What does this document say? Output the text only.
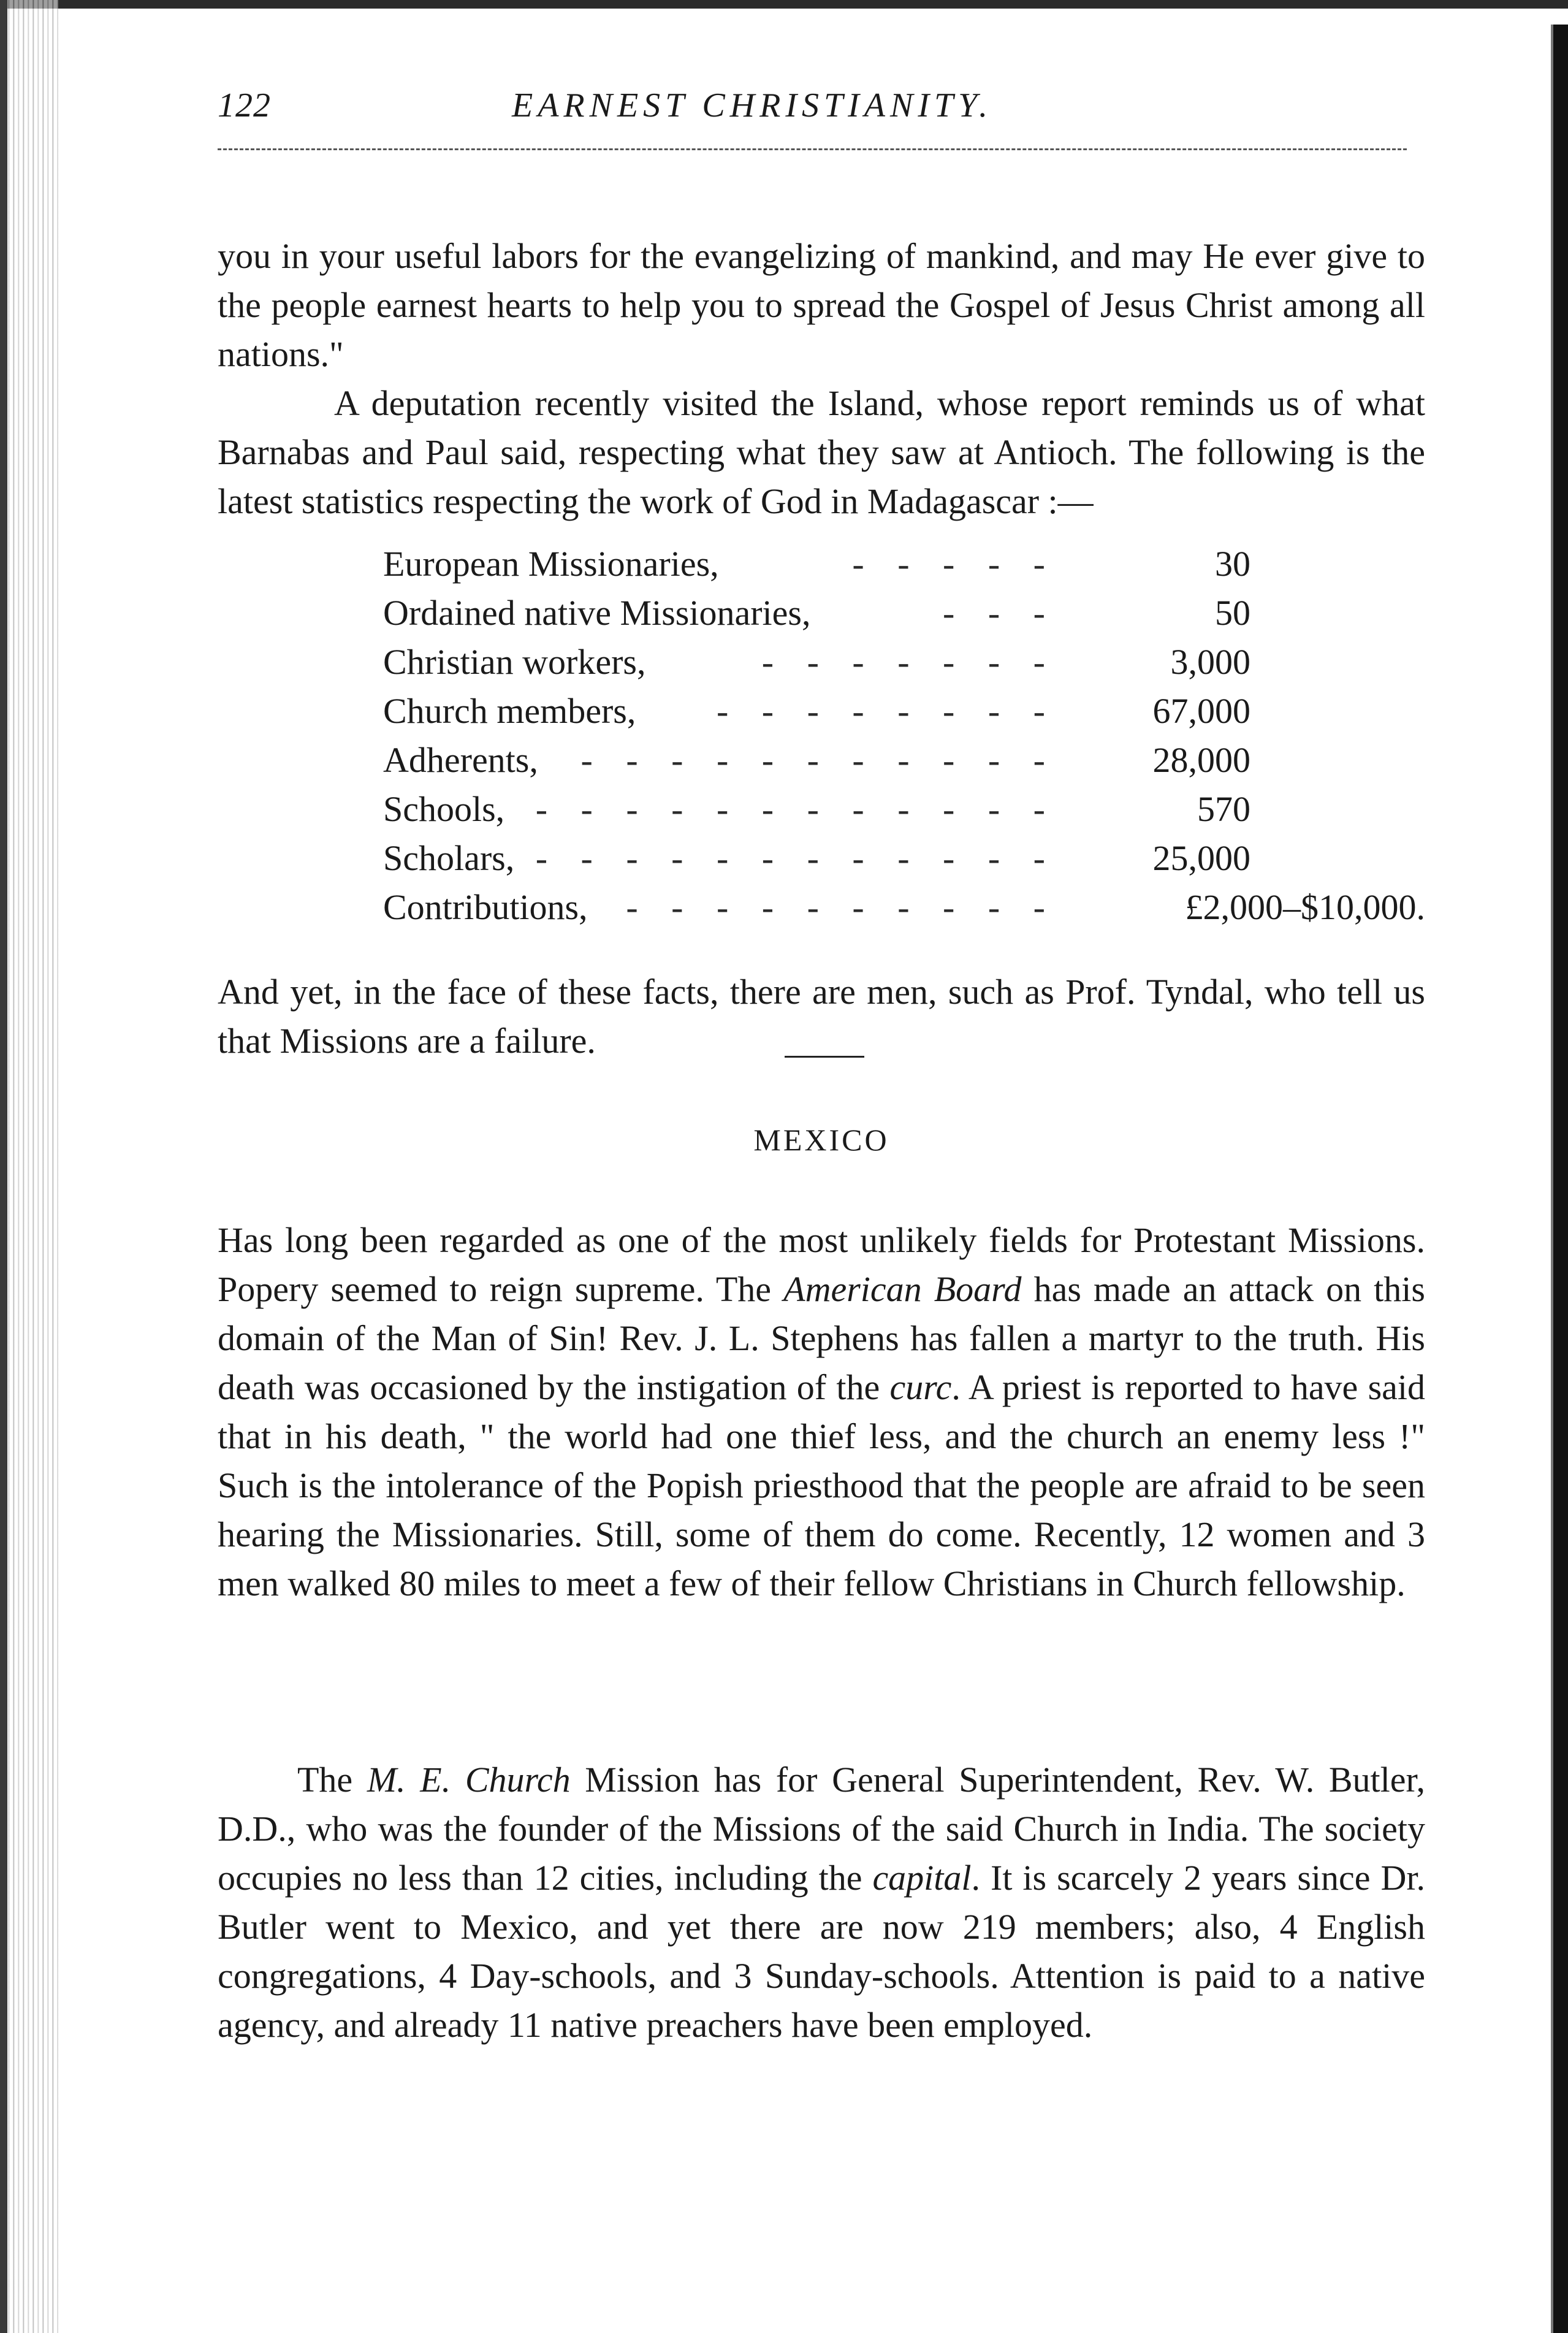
122	EARNEST CHRISTIANITY.

you in your useful labors for the evangelizing of mankind, and may He ever give to the people earnest hearts to help you to spread the Gospel of Jesus Christ among all nations."

A deputation recently visited the Island, whose report reminds us of what Barnabas and Paul said, respecting what they saw at Antioch. The following is the latest statistics respecting the work of God in Madagascar :—

European Missionaries,	- - - - -	30
Ordained native Missionaries,	- - -	50
Christian workers,	- - - - - - -	3,000
Church members,	- - - - - - - -	67,000
Adherents,	- - - - - - - - - - -	28,000
Schools, - - - - - - - - - - - -	570
Scholars, - - - - - - - - - - - -	25,000
Contributions,	- - - - - - - - - -	£2,000–$10,000.

And yet, in the face of these facts, there are men, such as Prof. Tyndal, who tell us that Missions are a failure.

MEXICO

Has long been regarded as one of the most unlikely fields for Protestant Missions. Popery seemed to reign supreme. The American Board has made an attack on this domain of the Man of Sin! Rev. J. L. Stephens has fallen a martyr to the truth. His death was occasioned by the instigation of the curc. A priest is reported to have said that in his death, " the world had one thief less, and the church an enemy less !" Such is the intolerance of the Popish priesthood that the people are afraid to be seen hearing the Missionaries. Still, some of them do come. Recently, 12 women and 3 men walked 80 miles to meet a few of their fellow Christians in Church fellowship.

The M. E. Church Mission has for General Superintendent, Rev. W. Butler, D.D., who was the founder of the Missions of the said Church in India. The society occupies no less than 12 cities, including the capital. It is scarcely 2 years since Dr. Butler went to Mexico, and yet there are now 219 members; also, 4 English congregations, 4 Day-schools, and 3 Sunday-schools. Attention is paid to a native agency, and already 11 native preachers have been employed.
